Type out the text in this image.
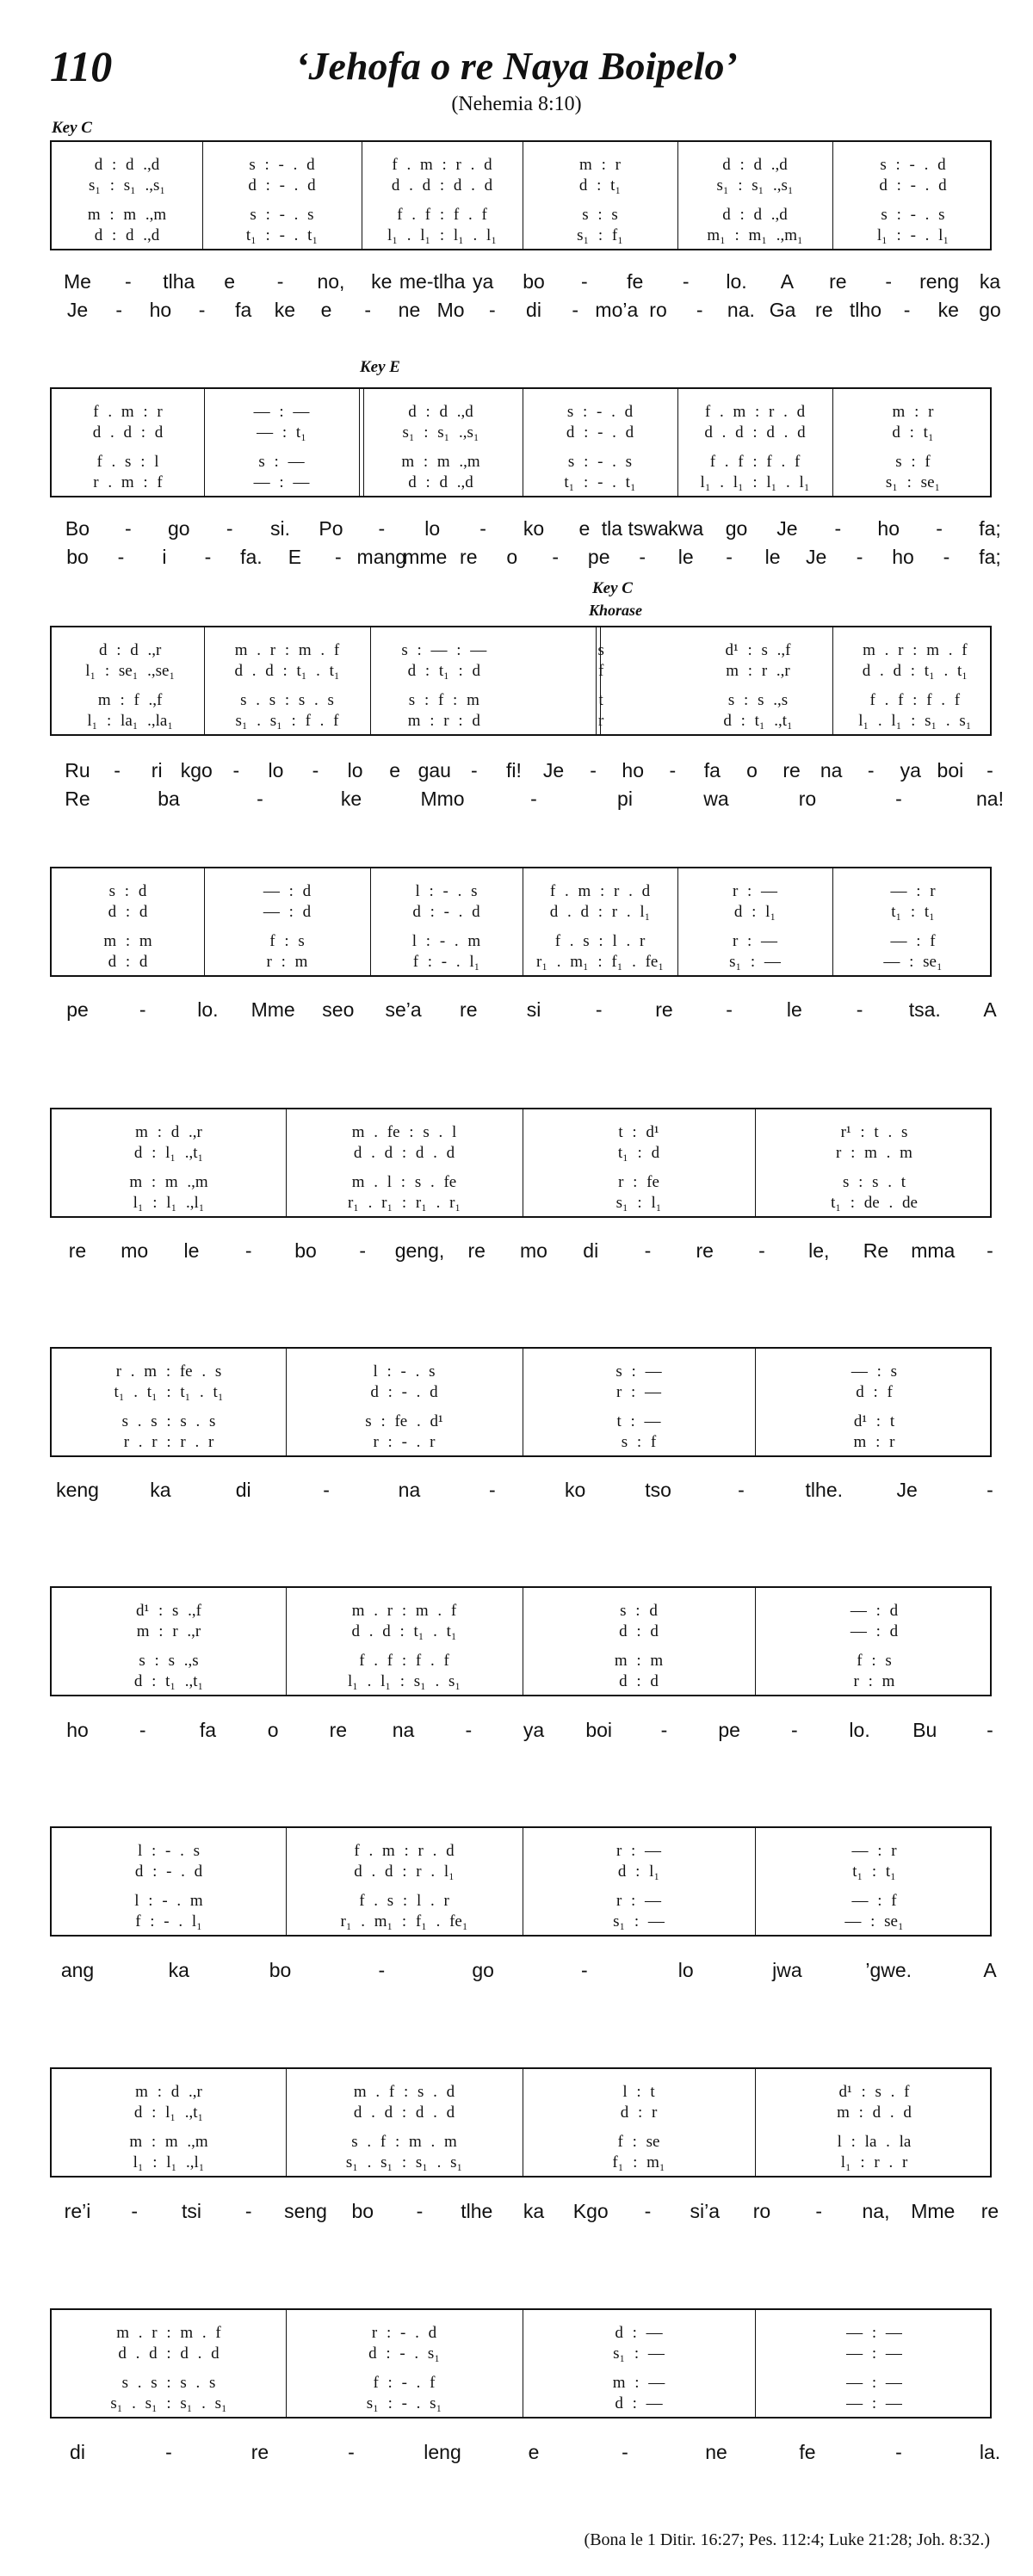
110	‘Jehofa o re Naya Boipelo’
(Nehemia 8:10)
Key C
Key E
Key C
Khorase
d : d .,d	s : - . d	f . m : r . d	m : r	d : d .,d	s : - . d
s₁ : s₁ .,s₁	d : - . d	d . d : d . d	d : t₁	s₁ : s₁ .,s₁	d : - . d
m : m .,m	s : - . s	f . f : f . f	s : s	d : d .,d	s : - . s
d : d .,d	t₁ : - . t₁	l₁ . l₁ : l₁ . l₁	s₁ : f₁	m₁ : m₁ .,m₁	l₁ : - . l₁
Me - tlha e - no, ke me-tlha ya bo - fe - lo. A re - reng ka
Je - ho - fa ke e - ne Mo - di - mo’a ro - na. Ga re tlho - ke go
f . m : r	— : —	d : d .,d	s : - . d	f . m : r . d	m : r
d . d : d	— : t₁	s₁ : s₁ .,s₁	d : - . d	d . d : d . d	d : t₁
f . s : l	s : —	m : m .,m	s : - . s	f . f : f . f	s : f
r . m : f	— : —	d : d .,d	t₁ : - . t₁	l₁ . l₁ : l₁ . l₁	s₁ : se₁
Bo - go - si. Po - lo - ko e tla tswa kwa go Je - ho - fa;
bo - i - fa. E - mang
mme re o - pe - le - le Je - ho - fa;
d : d .,r	m . r : m . f	s : — : —	s	d¹ : s .,f	m . r : m . f
l₁ : se₁ .,se₁	d . d : t₁ . t₁	d : t₁ : d	f	m : r .,r	d . d : t₁ . t₁
m : f .,f	s . s : s . s	s : f : m	t	s : s .,s	f . f : f . f
l₁ : la₁ .,la₁	s₁ . s₁ : f . f	m : r : d	r	d : t₁ .,t₁	l₁ . l₁ : s₁ . s₁
Ru - ri kgo - lo - lo e gau - fi! Je - ho - fa o re na - ya boi -
Re	ba	-	ke	Mmo	-	pi	wa	ro	-	na!
s : d	— : d	l : - . s	f . m : r . d	r : —	— : r
d : d	— : d	d : - . d	d . d : r . l₁	d : l₁	t₁ : t₁
m : m	f : s	l : - . m	f . s : l . r	r : —	— : f
d : d	r : m	f : - . l₁	r₁ . m₁ : f₁ . fe₁	s₁ : —	— : se₁
pe	-	lo. Mme seo se’a re si	-	re	-	le	- tsa. A
m : d .,r	m . fe : s . l	t : d¹	r¹ : t . s
d : l₁ .,t₁	d . d : d . d	t₁ : d	r : m . m
m : m .,m	m . l : s . fe	r : fe	s : s . t
l₁ : l₁ .,l₁	r₁ . r₁ : r₁ . r₁	s₁ : l₁	t₁ : de . de
re mo le - bo - geng, re mo di - re - le, Re mma -
r . m : fe . s	l : - . s	s : —	— : s
t₁ . t₁ : t₁ . t₁	d : - . d	r : —	d : f
s . s : s . s	s : fe . d¹	t : —	d¹ : t
r . r : r . r	r : - . r	s : f	m : r
keng	ka	di	-	na	-	ko	tso	-	tlhe.	Je	-
d¹ : s .,f	m . r : m . f	s : d	— : d
m : r .,r	d . d : t₁ . t₁	d : d	— : d
s : s .,s	f . f : f . f	m : m	f : s
d : t₁ .,t₁	l₁ . l₁ : s₁ . s₁	d : d	r : m
ho	-	fa	o	re na	-	ya boi -	pe	-	lo. Bu	-
l : - . s	f . m : r . d	r : —	— : r
d : - . d	d . d : r . l₁	d : l₁	t₁ : t₁
l : - . m	f . s : l . r	r : —	— : f
f : - . l₁	r₁ . m₁ : f₁ . fe₁	s₁ : —	— : se₁
ang	ka	bo	-	go	-	lo	jwa	’gwe.	A
m : d .,r	m . f : s . d	l : t	d¹ : s . f
d : l₁ .,t₁	d . d : d . d	d : r	m : d . d
m : m .,m	s . f : m . m	f : se	l : la . la
l₁ : l₁ .,l₁	s₁ . s₁ : s₁ . s₁	f₁ : m₁	l₁ : r . r
re’i - tsi - seng bo - tlhe ka Kgo - si’a ro - na, Mme re
m . r : m . f	r : - . d	d : —	— : —
d . d : d . d	d : - . s₁	s₁ : —	— : —
s . s : s . s	f : - . f	m : —	— : —
s₁ . s₁ : s₁ . s₁	s₁ : - . s₁	d : —	— : —
di	-	re	-	leng	e	-	ne	fe	-	la.
(Bona le 1 Ditir. 16:27; Pes. 112:4; Luke 21:28; Joh. 8:32.)
